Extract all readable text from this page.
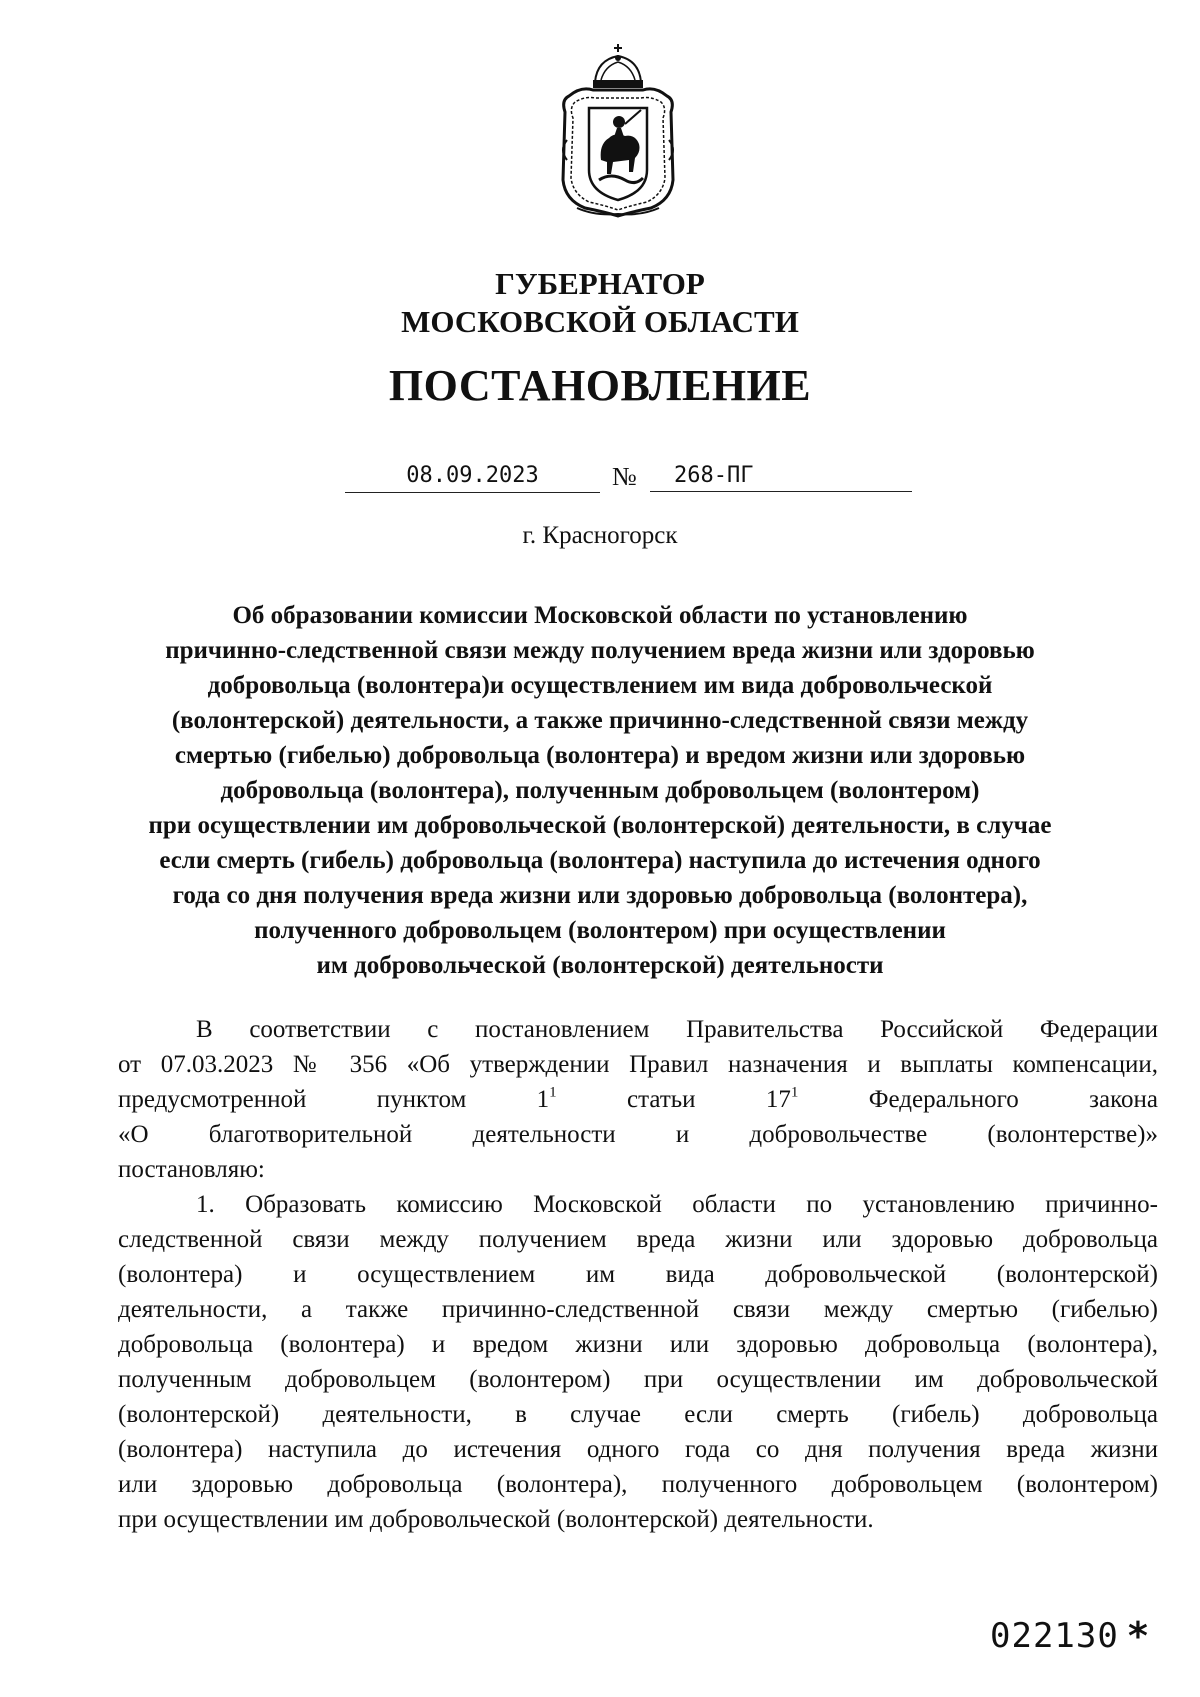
ГУБЕРНАТОР
МОСКОВСКОЙ ОБЛАСТИ
ПОСТАНОВЛЕНИЕ
08.09.2023	№	268-ПГ
г. Красногорск
Об образовании комиссии Московской области по установлению
причинно-следственной связи между получением вреда жизни или здоровью
добровольца (волонтера)и осуществлением им вида добровольческой
(волонтерской) деятельности, а также причинно-следственной связи между
смертью (гибелью) добровольца (волонтера) и вредом жизни или здоровью
добровольца (волонтера), полученным добровольцем (волонтером)
при осуществлении им добровольческой (волонтерской) деятельности, в случае
если смерть (гибель) добровольца (волонтера) наступила до истечения одного
года со дня получения вреда жизни или здоровью добровольца (волонтера),
полученного добровольцем (волонтером) при осуществлении
им добровольческой (волонтерской) деятельности

В соответствии с постановлением Правительства Российской Федерации
от 07.03.2023 № 356 «Об утверждении Правил назначения и выплаты компенсации,
предусмотренной пунктом $1^1$ статьи $17^1$ Федерального закона
«О благотворительной деятельности и добровольчестве (волонтерстве)»
постановляю:

1. Образовать комиссию Московской области по установлению причинно-
следственной связи между получением вреда жизни или здоровью добровольца
(волонтера) и осуществлением им вида добровольческой (волонтерской)
деятельности, а также причинно-следственной связи между смертью (гибелью)
добровольца (волонтера) и вредом жизни или здоровью добровольца (волонтера),
полученным добровольцем (волонтером) при осуществлении им добровольческой
(волонтерской) деятельности, в случае если смерть (гибель) добровольца
(волонтера) наступила до истечения одного года со дня получения вреда жизни
или здоровью добровольца (волонтера), полученного добровольцем (волонтером)
при осуществлении им добровольческой (волонтерской) деятельности.

022130 *
